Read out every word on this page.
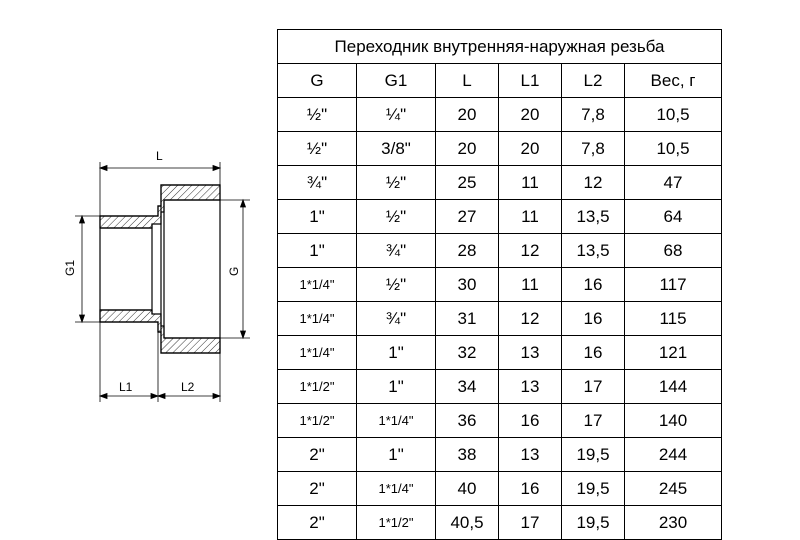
L
G1	G
L1	L2
Переходник внутренняя-наружная резьба					
G	G1	L	L1	L2	Вес, г
½"	¼"	20	20	7,8	10,5
½"	3/8"	20	20	7,8	10,5
¾"	½"	25	11	12	47
1"	½"	27	11	13,5	64
1"	¾"	28	12	13,5	68
1*1/4"	½"	30	11	16	117
1*1/4"	¾"	31	12	16	115
1*1/4"	1"	32	13	16	121
1*1/2"	1"	34	13	17	144
1*1/2"	1*1/4"	36	16	17	140
2"	1"	38	13	19,5	244
2"	1*1/4"	40	16	19,5	245
2"	1*1/2"	40,5	17	19,5	230
